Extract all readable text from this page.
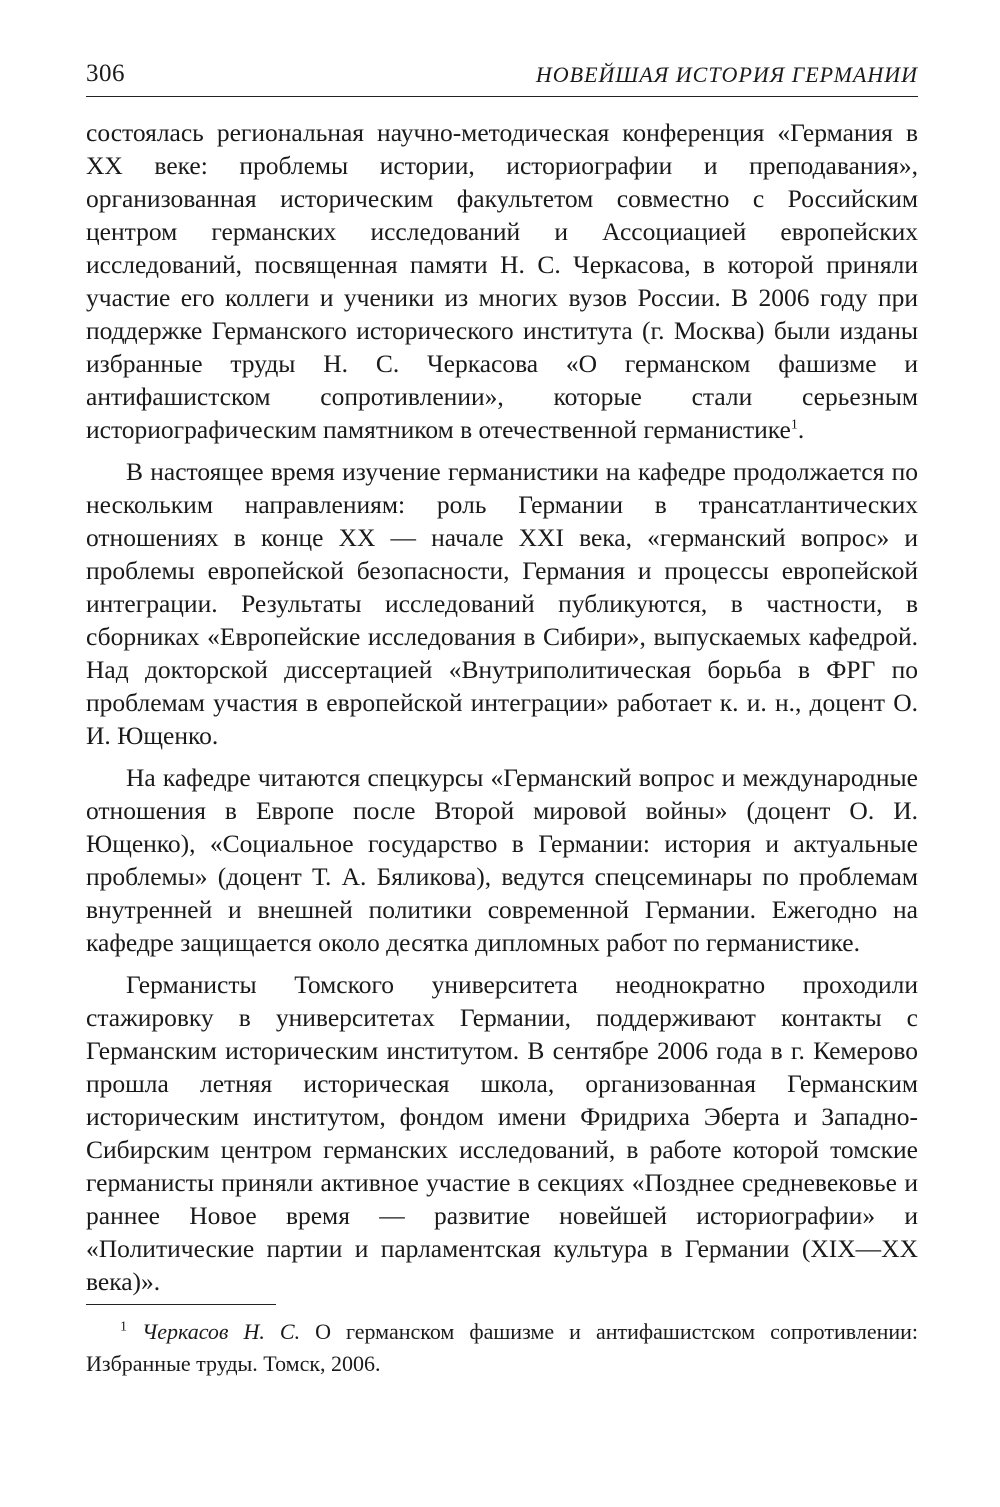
306	НОВЕЙШАЯ ИСТОРИЯ ГЕРМАНИИ

состоялась региональная научно-методическая конференция «Германия в XX веке: проблемы истории, историографии и преподавания», организованная историческим факультетом совместно с Российским центром германских исследований и Ассоциацией европейских исследований, посвященная памяти Н. С. Черкасова, в которой приняли участие его коллеги и ученики из многих вузов России. В 2006 году при поддержке Германского исторического института (г. Москва) были изданы избранные труды Н. С. Черкасова «О германском фашизме и антифашистском сопротивлении», которые стали серьезным историографическим памятником в отечественной германистике$^1$.

В настоящее время изучение германистики на кафедре продолжается по нескольким направлениям: роль Германии в трансатлантических отношениях в конце XX — начале XXI века, «германский вопрос» и проблемы европейской безопасности, Германия и процессы европейской интеграции. Результаты исследований публикуются, в частности, в сборниках «Европейские исследования в Сибири», выпускаемых кафедрой. Над докторской диссертацией «Внутриполитическая борьба в ФРГ по проблемам участия в европейской интеграции» работает к. и. н., доцент О. И. Ющенко.

На кафедре читаются спецкурсы «Германский вопрос и международные отношения в Европе после Второй мировой войны» (доцент О. И. Ющенко), «Социальное государство в Германии: история и актуальные проблемы» (доцент Т. А. Бяликова), ведутся спецсеминары по проблемам внутренней и внешней политики современной Германии. Ежегодно на кафедре защищается около десятка дипломных работ по германистике.

Германисты Томского университета неоднократно проходили стажировку в университетах Германии, поддерживают контакты с Германским историческим институтом. В сентябре 2006 года в г. Кемерово прошла летняя историческая школа, организованная Германским историческим институтом, фондом имени Фридриха Эберта и Западно-Сибирским центром германских исследований, в работе которой томские германисты приняли активное участие в секциях «Позднее средневековье и раннее Новое время — развитие новейшей историографии» и «Политические партии и парламентская культура в Германии (XIX—XX века)».

$^1$ Черкасов Н. С. О германском фашизме и антифашистском сопротивлении: Избранные труды. Томск, 2006.
